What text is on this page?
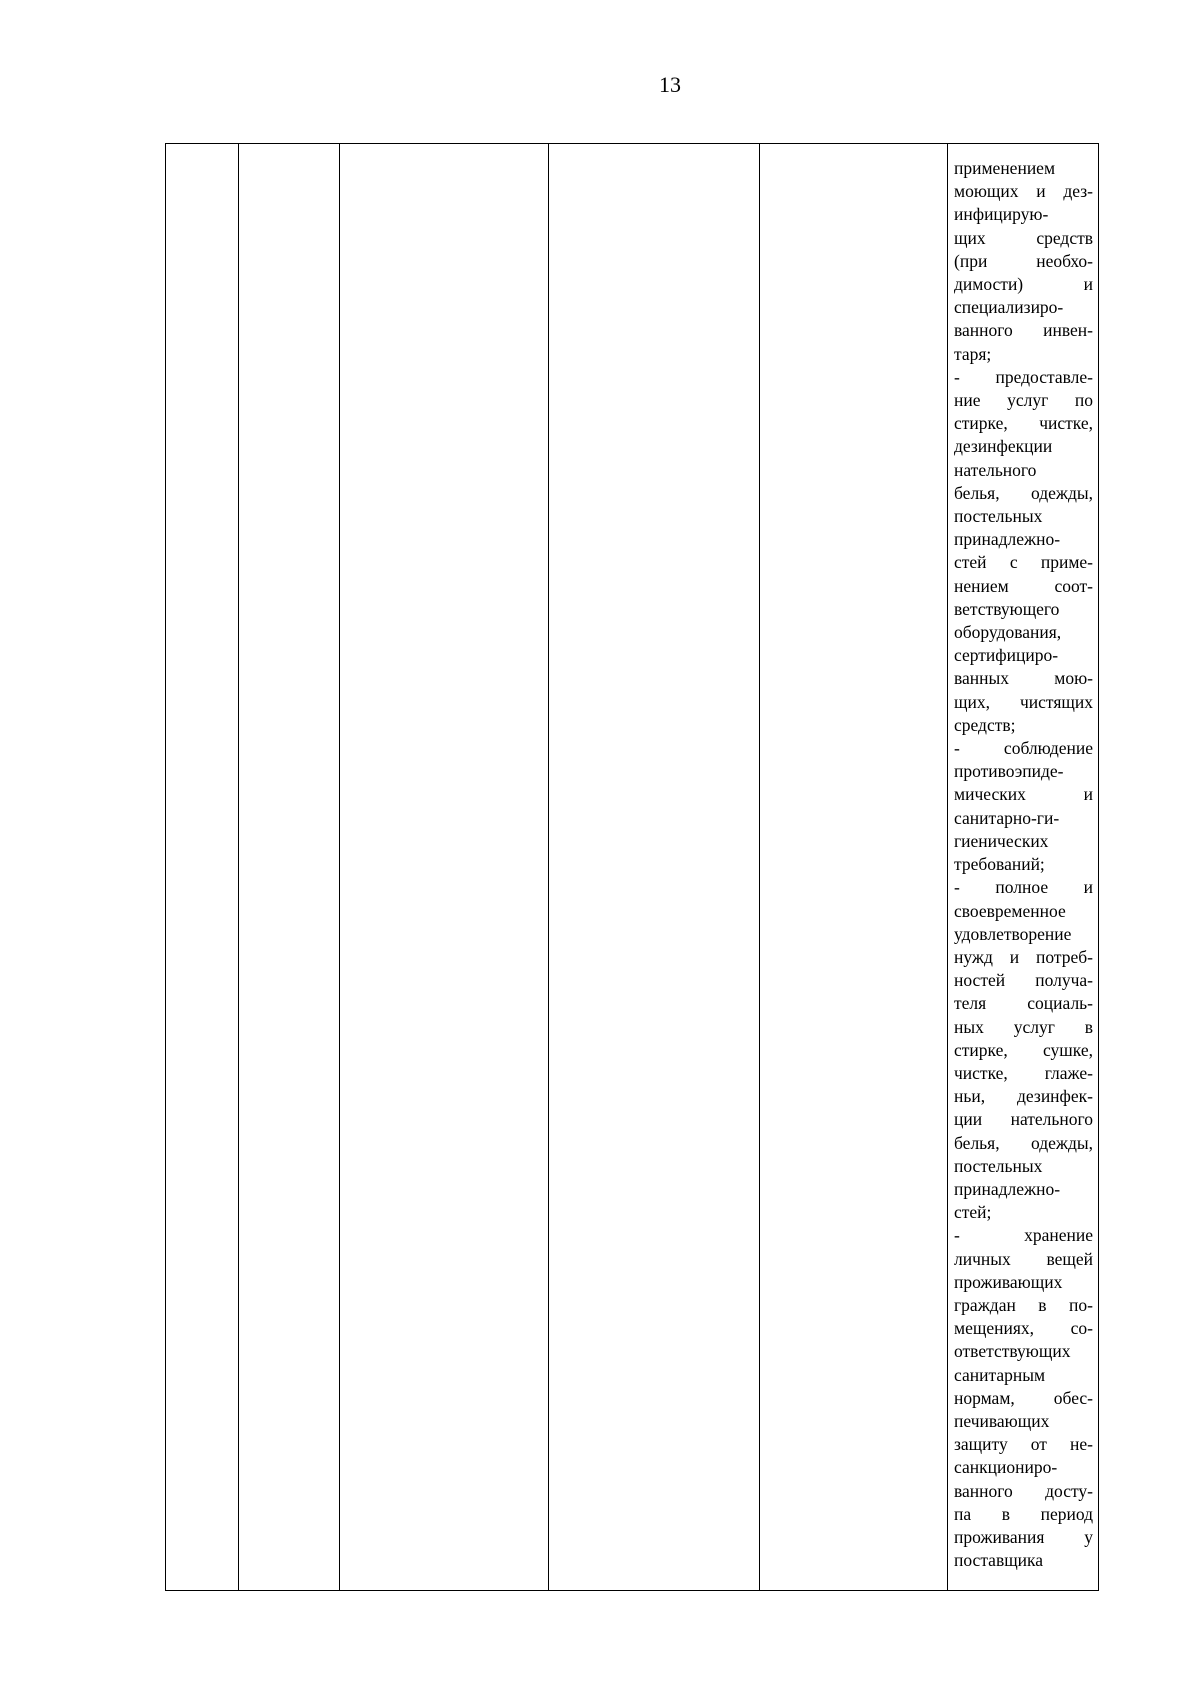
13

применением
моющих и дез-
инфицирую-
щих средств
(при необхо-
димости) и
специализиро-
ванного инвен-
таря;
- предоставле-
ние услуг по
стирке, чистке,
дезинфекции
нательного
белья, одежды,
постельных
принадлежно-
стей с приме-
нением соот-
ветствующего
оборудования,
сертифициро-
ванных мою-
щих, чистящих
средств;
- соблюдение
противоэпиде-
мических и
санитарно-ги-
гиенических
требований;
- полное и
своевременное
удовлетворение
нужд и потреб-
ностей получа-
теля социаль-
ных услуг в
стирке, сушке,
чистке, глаже-
ньи, дезинфек-
ции нательного
белья, одежды,
постельных
принадлежно-
стей;
- хранение
личных вещей
проживающих
граждан в по-
мещениях, со-
ответствующих
санитарным
нормам, обес-
печивающих
защиту от не-
санкциониро-
ванного досту-
па в период
проживания у
поставщика
